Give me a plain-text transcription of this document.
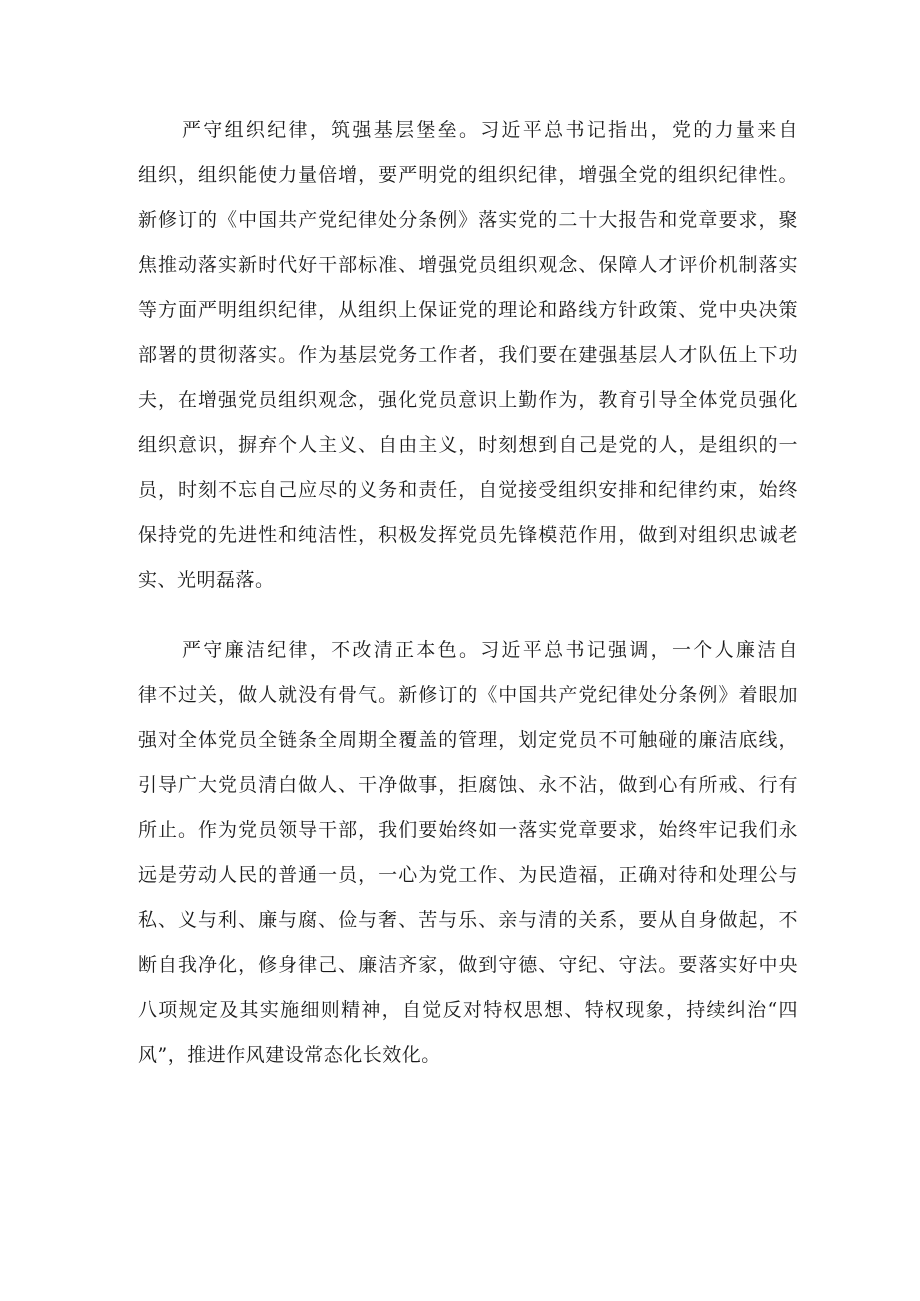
严守组织纪律，筑强基层堡垒。习近平总书记指出，党的力量来自
组织，组织能使力量倍增，要严明党的组织纪律，增强全党的组织纪律性。
新修订的《中国共产党纪律处分条例》落实党的二十大报告和党章要求，聚
焦推动落实新时代好干部标准、增强党员组织观念、保障人才评价机制落实
等方面严明组织纪律，从组织上保证党的理论和路线方针政策、党中央决策
部署的贯彻落实。作为基层党务工作者，我们要在建强基层人才队伍上下功
夫，在增强党员组织观念，强化党员意识上勤作为，教育引导全体党员强化
组织意识，摒弃个人主义、自由主义，时刻想到自己是党的人，是组织的一
员，时刻不忘自己应尽的义务和责任，自觉接受组织安排和纪律约束，始终
保持党的先进性和纯洁性，积极发挥党员先锋模范作用，做到对组织忠诚老
实、光明磊落。

严守廉洁纪律，不改清正本色。习近平总书记强调，一个人廉洁自
律不过关，做人就没有骨气。新修订的《中国共产党纪律处分条例》着眼加
强对全体党员全链条全周期全覆盖的管理，划定党员不可触碰的廉洁底线，
引导广大党员清白做人、干净做事，拒腐蚀、永不沾，做到心有所戒、行有
所止。作为党员领导干部，我们要始终如一落实党章要求，始终牢记我们永
远是劳动人民的普通一员，一心为党工作、为民造福，正确对待和处理公与
私、义与利、廉与腐、俭与奢、苦与乐、亲与清的关系，要从自身做起，不
断自我净化，修身律己、廉洁齐家，做到守德、守纪、守法。要落实好中央
八项规定及其实施细则精神，自觉反对特权思想、特权现象，持续纠治“四
风”，推进作风建设常态化长效化。
